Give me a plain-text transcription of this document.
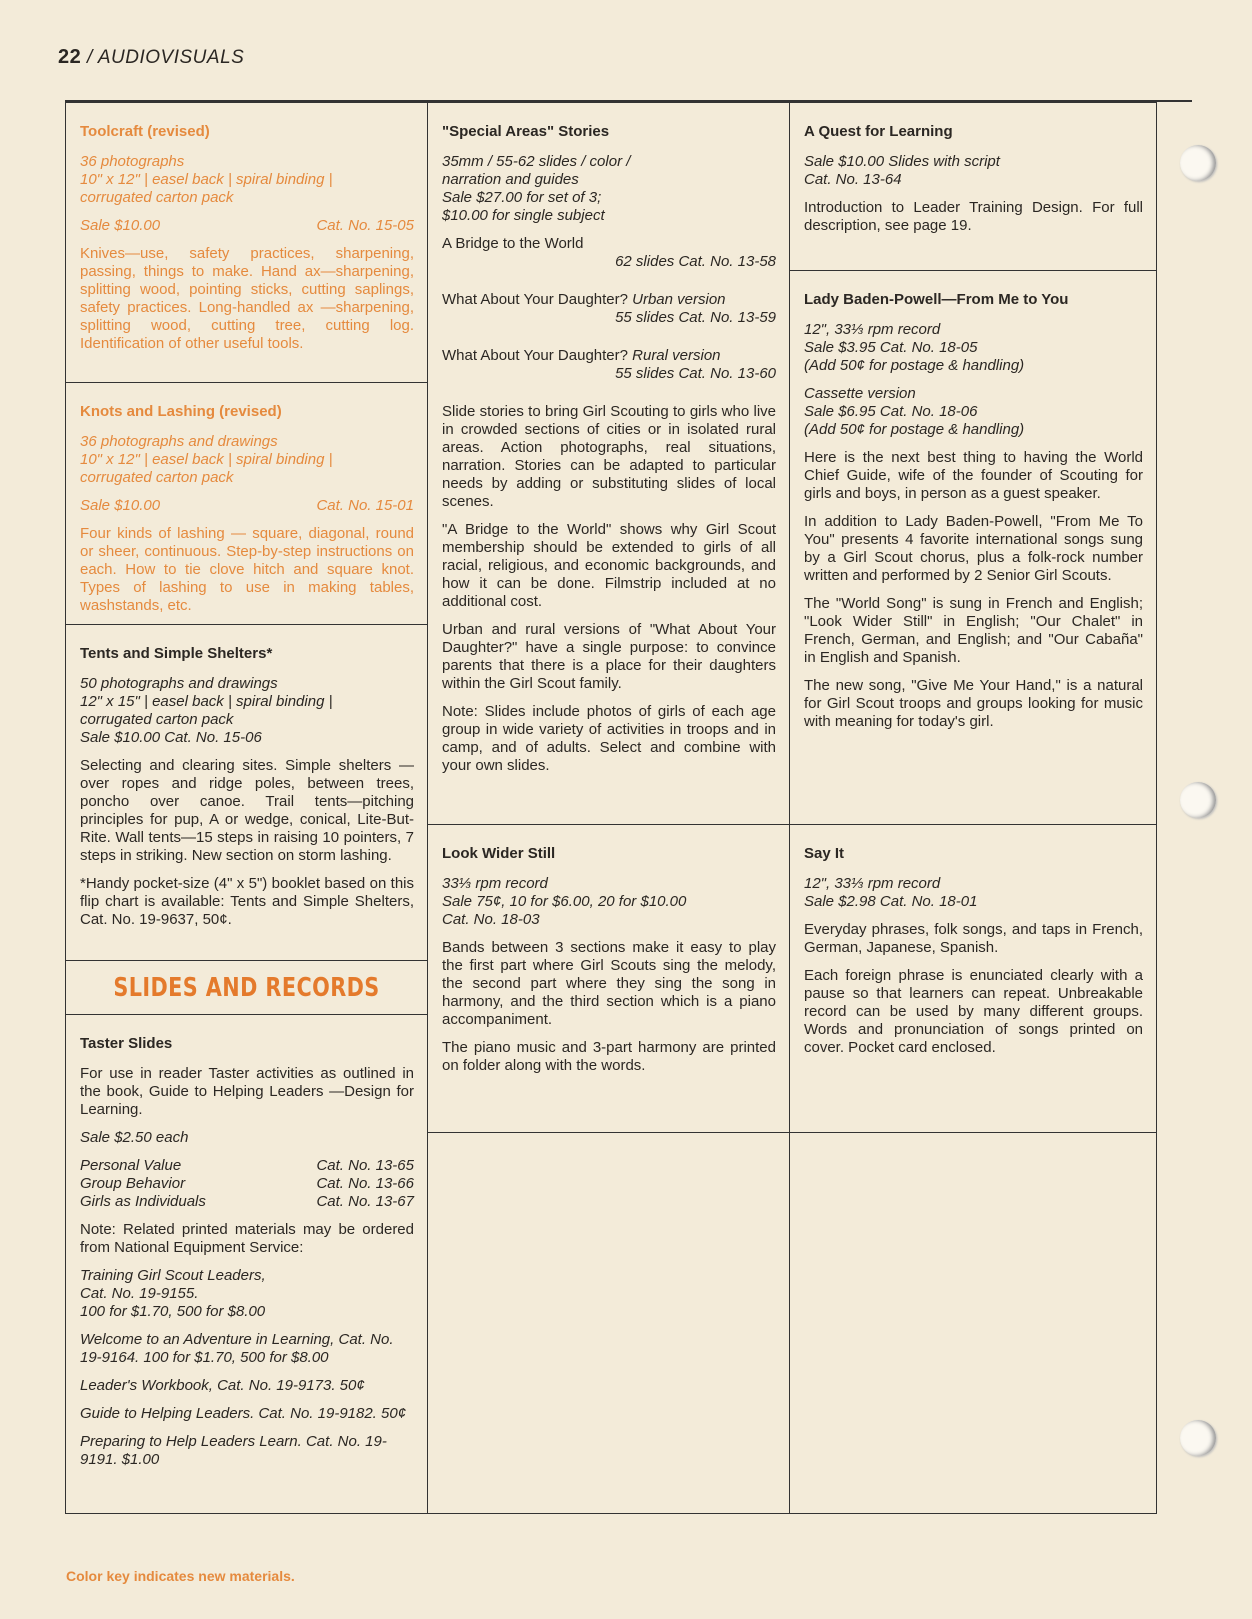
22 / AUDIOVISUALS
Toolcraft (revised)
36 photographs
10" x 12" | easel back | spiral binding |
corrugated carton pack
Sale $10.00	Cat. No. 15-05
Knives—use, safety practices, sharpening, passing, things to make. Hand ax—sharpening, splitting wood, pointing sticks, cutting saplings, safety practices. Long-handled ax —sharpening, splitting wood, cutting tree, cutting log. Identification of other useful tools.
Knots and Lashing (revised)
36 photographs and drawings
10" x 12" | easel back | spiral binding |
corrugated carton pack
Sale $10.00	Cat. No. 15-01
Four kinds of lashing — square, diagonal, round or sheer, continuous. Step-by-step instructions on each. How to tie clove hitch and square knot. Types of lashing to use in making tables, washstands, etc.
Tents and Simple Shelters*
50 photographs and drawings
12" x 15" | easel back | spiral binding |
corrugated carton pack
Sale $10.00 Cat. No. 15-06
Selecting and clearing sites. Simple shelters —over ropes and ridge poles, between trees, poncho over canoe. Trail tents—pitching principles for pup, A or wedge, conical, Lite-But-Rite. Wall tents—15 steps in raising 10 pointers, 7 steps in striking. New section on storm lashing.
*Handy pocket-size (4" x 5") booklet based on this flip chart is available: Tents and Simple Shelters, Cat. No. 19-9637, 50¢.
SLIDES AND RECORDS
Taster Slides
For use in reader Taster activities as outlined in the book, Guide to Helping Leaders —Design for Learning.
Sale $2.50 each
Personal Value	Cat. No. 13-65
Group Behavior	Cat. No. 13-66
Girls as Individuals	Cat. No. 13-67
Note: Related printed materials may be ordered from National Equipment Service:
Training Girl Scout Leaders,
Cat. No. 19-9155.
100 for $1.70, 500 for $8.00
Welcome to an Adventure in Learning, Cat. No. 19-9164. 100 for $1.70, 500 for $8.00
Leader's Workbook, Cat. No. 19-9173. 50¢
Guide to Helping Leaders. Cat. No. 19-9182. 50¢
Preparing to Help Leaders Learn. Cat. No. 19-9191. $1.00
"Special Areas" Stories
35mm / 55-62 slides / color /
narration and guides
Sale $27.00 for set of 3;
$10.00 for single subject
A Bridge to the World
62 slides Cat. No. 13-58
What About Your Daughter? Urban version
55 slides Cat. No. 13-59
What About Your Daughter? Rural version
55 slides Cat. No. 13-60
Slide stories to bring Girl Scouting to girls who live in crowded sections of cities or in isolated rural areas. Action photographs, real situations, narration. Stories can be adapted to particular needs by adding or substituting slides of local scenes.
"A Bridge to the World" shows why Girl Scout membership should be extended to girls of all racial, religious, and economic backgrounds, and how it can be done. Filmstrip included at no additional cost.
Urban and rural versions of "What About Your Daughter?" have a single purpose: to convince parents that there is a place for their daughters within the Girl Scout family.
Note: Slides include photos of girls of each age group in wide variety of activities in troops and in camp, and of adults. Select and combine with your own slides.
Look Wider Still
33⅓ rpm record
Sale 75¢, 10 for $6.00, 20 for $10.00
Cat. No. 18-03
Bands between 3 sections make it easy to play the first part where Girl Scouts sing the melody, the second part where they sing the song in harmony, and the third section which is a piano accompaniment.
The piano music and 3-part harmony are printed on folder along with the words.
A Quest for Learning
Sale $10.00 Slides with script
Cat. No. 13-64
Introduction to Leader Training Design. For full description, see page 19.
Lady Baden-Powell—From Me to You
12", 33⅓ rpm record
Sale $3.95 Cat. No. 18-05
(Add 50¢ for postage & handling)
Cassette version
Sale $6.95 Cat. No. 18-06
(Add 50¢ for postage & handling)
Here is the next best thing to having the World Chief Guide, wife of the founder of Scouting for girls and boys, in person as a guest speaker.
In addition to Lady Baden-Powell, "From Me To You" presents 4 favorite international songs sung by a Girl Scout chorus, plus a folk-rock number written and performed by 2 Senior Girl Scouts.
The "World Song" is sung in French and English; "Look Wider Still" in English; "Our Chalet" in French, German, and English; and "Our Cabaña" in English and Spanish.
The new song, "Give Me Your Hand," is a natural for Girl Scout troops and groups looking for music with meaning for today's girl.
Say It
12", 33⅓ rpm record
Sale $2.98 Cat. No. 18-01
Everyday phrases, folk songs, and taps in French, German, Japanese, Spanish.
Each foreign phrase is enunciated clearly with a pause so that learners can repeat. Unbreakable record can be used by many different groups. Words and pronunciation of songs printed on cover. Pocket card enclosed.
Color key indicates new materials.
